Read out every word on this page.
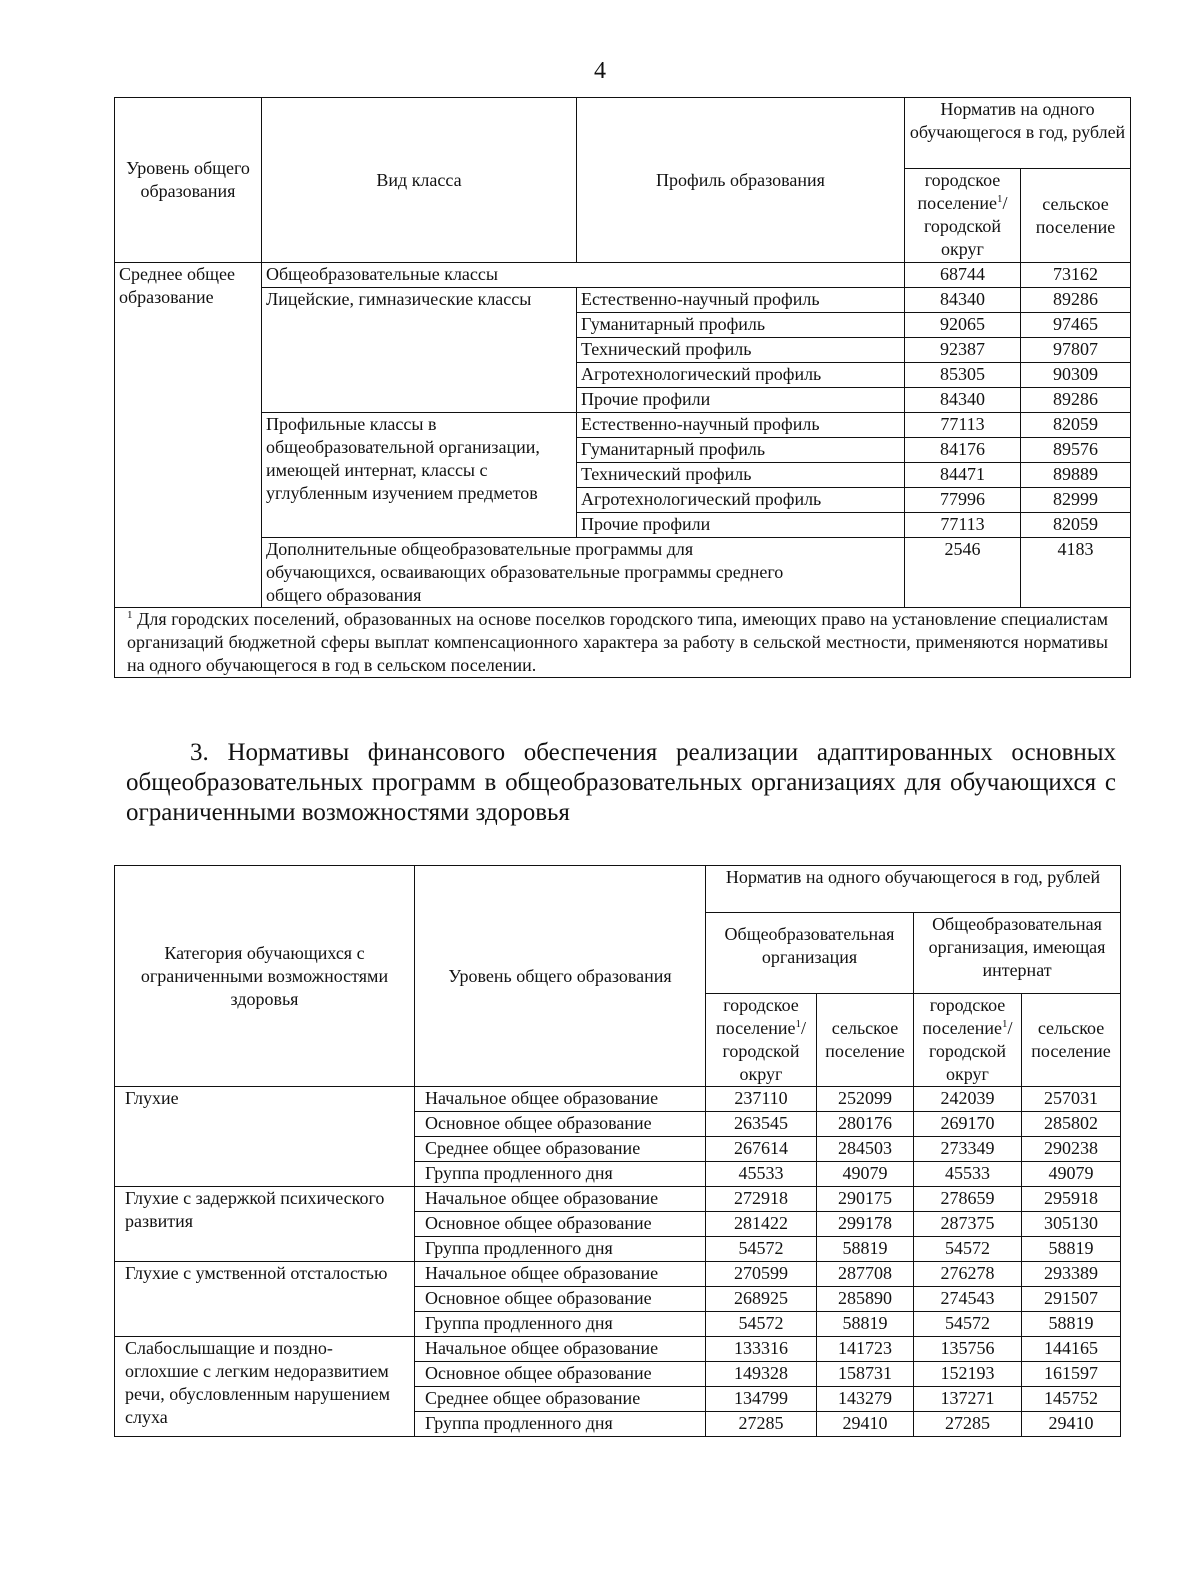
4
Уровень общего образования	Вид класса	Профиль образования	Норматив на одного обучающегося в год, рублей	
			городское поселение$^1$/ городской округ	сельское поселение
Среднее общее образование	Общеобразовательные классы		68744	73162
	Лицейские, гимназические классы	Естественно-научный профиль	84340	89286
		Гуманитарный профиль	92065	97465
		Технический профиль	92387	97807
		Агротехнологический профиль	85305	90309
		Прочие профили	84340	89286
	Профильные классы в общеобразовательной организации, имеющей интернат, классы с углубленным изучением предметов	Естественно-научный профиль	77113	82059
		Гуманитарный профиль	84176	89576
		Технический профиль	84471	89889
		Агротехнологический профиль	77996	82999
		Прочие профили	77113	82059
	Дополнительные общеобразовательные программы для обучающихся, осваивающих образовательные программы среднего общего образования		2546	4183
$^1$ Для городских поселений, образованных на основе поселков городского типа, имеющих право на установление специалистам организаций бюджетной сферы выплат компенсационного характера за работу в сельской местности, применяются нормативы на одного обучающегося в год в сельском поселении.				
3. Нормативы финансового обеспечения реализации адаптированных основных общеобразовательных программ в общеобразовательных организациях для обучающихся с ограниченными возможностями здоровья
Категория обучающихся с ограниченными возможностями здоровья	Уровень общего образования	Норматив на одного обучающегося в год, рублей			
		Общеобразовательная организация		Общеобразовательная организация, имеющая интернат	
		городское поселение$^1$/ городской округ	сельское поселение	городское поселение$^1$/ городской округ	сельское поселение
Глухие	Начальное общее образование	237110	252099	242039	257031
	Основное общее образование	263545	280176	269170	285802
	Среднее общее образование	267614	284503	273349	290238
	Группа продленного дня	45533	49079	45533	49079
Глухие с задержкой психического развития	Начальное общее образование	272918	290175	278659	295918
	Основное общее образование	281422	299178	287375	305130
	Группа продленного дня	54572	58819	54572	58819
Глухие с умственной отсталостью	Начальное общее образование	270599	287708	276278	293389
	Основное общее образование	268925	285890	274543	291507
	Группа продленного дня	54572	58819	54572	58819
Слабослышащие и поздно-оглохшие с легким недоразвитием речи, обусловленным нарушением слуха	Начальное общее образование	133316	141723	135756	144165
	Основное общее образование	149328	158731	152193	161597
	Среднее общее образование	134799	143279	137271	145752
	Группа продленного дня	27285	29410	27285	29410
